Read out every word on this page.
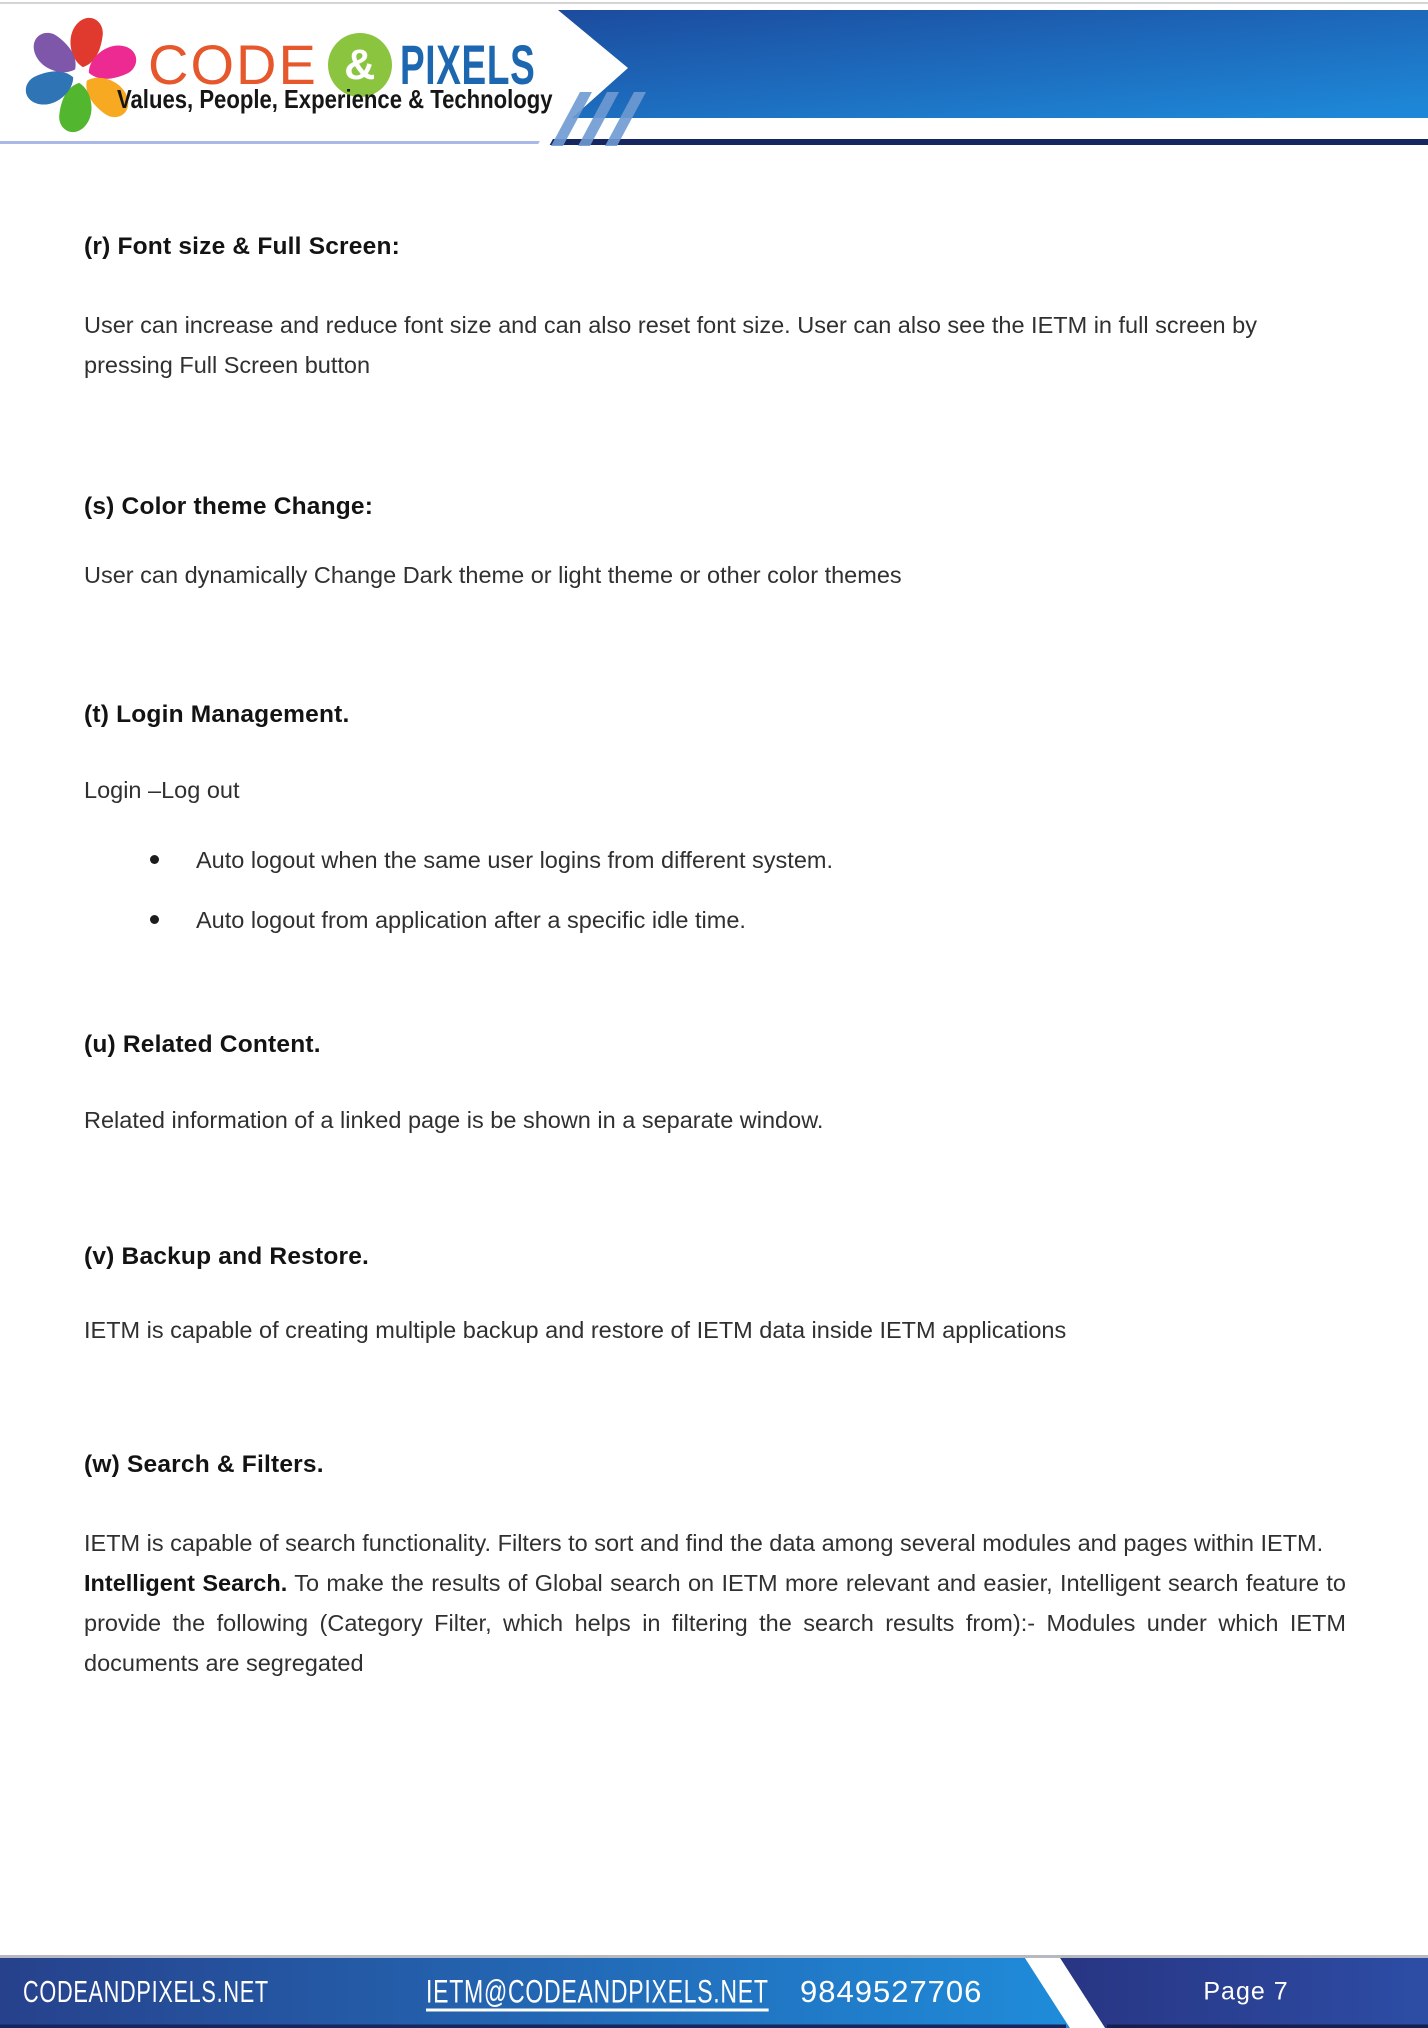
CODE & PIXELS
Values, People, Experience & Technology
(r) Font size & Full Screen:

User can increase and reduce font size and can also reset font size. User can also see the IETM in full screen by pressing Full Screen button

(s) Color theme Change:

User can dynamically Change Dark theme or light theme or other color themes

(t) Login Management.

Login –Log out

Auto logout when the same user logins from different system.
Auto logout from application after a specific idle time.
(u) Related Content.

Related information of a linked page is be shown in a separate window.

(v) Backup and Restore.

IETM is capable of creating multiple backup and restore of IETM data inside IETM applications

(w) Search & Filters.

IETM is capable of search functionality. Filters to sort and find the data among several modules and pages within IETM.

Intelligent Search. To make the results of Global search on IETM more relevant and easier, Intelligent search feature to provide the following (Category Filter, which helps in filtering the search results from):- Modules under which IETM documents are segregated

CODEANDPIXELS.NET	IETM@CODEANDPIXELS.NET 9849527706	Page 7
